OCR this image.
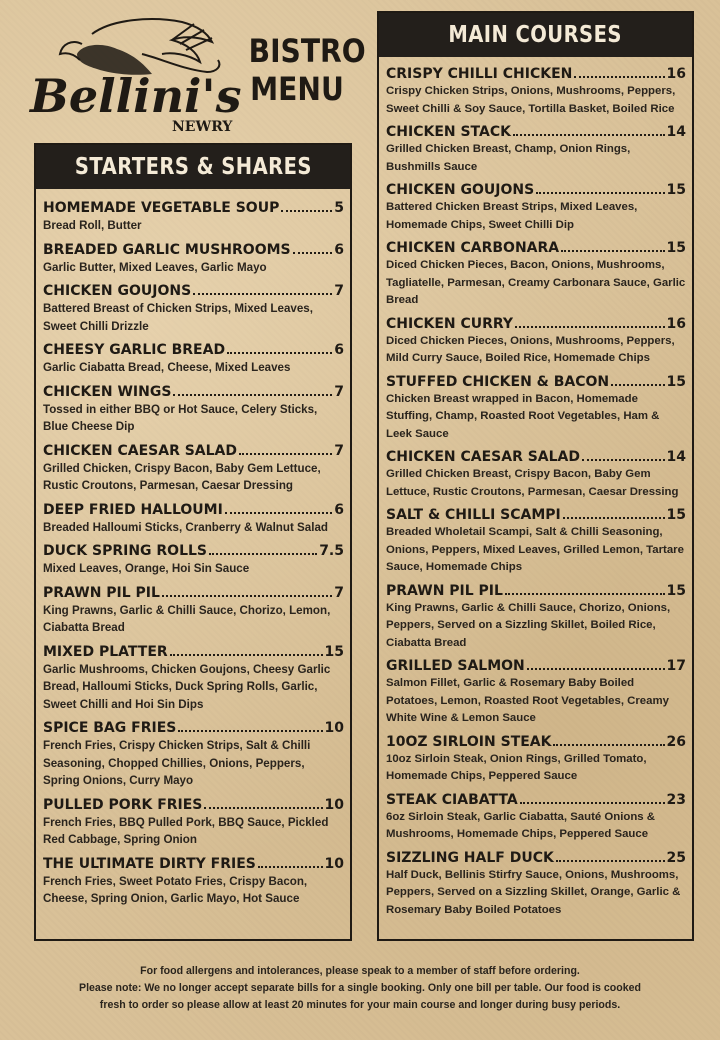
Bellini's
NEWRY
BISTRO
MENU
STARTERS & SHARES
HOMEMADE VEGETABLE SOUP	5
Bread Roll, Butter
BREADED GARLIC MUSHROOMS	6
Garlic Butter, Mixed Leaves, Garlic Mayo
CHICKEN GOUJONS	7
Battered Breast of Chicken Strips, Mixed Leaves, Sweet Chilli Drizzle
CHEESY GARLIC BREAD	6
Garlic Ciabatta Bread, Cheese, Mixed Leaves
CHICKEN WINGS	7
Tossed in either BBQ or Hot Sauce, Celery Sticks, Blue Cheese Dip
CHICKEN CAESAR SALAD	7
Grilled Chicken, Crispy Bacon, Baby Gem Lettuce, Rustic Croutons, Parmesan, Caesar Dressing
DEEP FRIED HALLOUMI	6
Breaded Halloumi Sticks, Cranberry & Walnut Salad
DUCK SPRING ROLLS	7.5
Mixed Leaves, Orange, Hoi Sin Sauce
PRAWN PIL PIL	7
King Prawns, Garlic & Chilli Sauce, Chorizo, Lemon, Ciabatta Bread
MIXED PLATTER	15
Garlic Mushrooms, Chicken Goujons, Cheesy Garlic Bread, Halloumi Sticks, Duck Spring Rolls, Garlic, Sweet Chilli and Hoi Sin Dips
SPICE BAG FRIES	10
French Fries, Crispy Chicken Strips, Salt & Chilli Seasoning, Chopped Chillies, Onions, Peppers, Spring Onions, Curry Mayo
PULLED PORK FRIES	10
French Fries, BBQ Pulled Pork, BBQ Sauce, Pickled Red Cabbage, Spring Onion
THE ULTIMATE DIRTY FRIES	10
French Fries, Sweet Potato Fries, Crispy Bacon, Cheese, Spring Onion, Garlic Mayo, Hot Sauce
MAIN COURSES
CRISPY CHILLI CHICKEN	16
Crispy Chicken Strips, Onions, Mushrooms, Peppers, Sweet Chilli & Soy Sauce, Tortilla Basket, Boiled Rice
CHICKEN STACK	14
Grilled Chicken Breast, Champ, Onion Rings, Bushmills Sauce
CHICKEN GOUJONS	15
Battered Chicken Breast Strips, Mixed Leaves, Homemade Chips, Sweet Chilli Dip
CHICKEN CARBONARA	15
Diced Chicken Pieces, Bacon, Onions, Mushrooms, Tagliatelle, Parmesan, Creamy Carbonara Sauce, Garlic Bread
CHICKEN CURRY	16
Diced Chicken Pieces, Onions, Mushrooms, Peppers, Mild Curry Sauce, Boiled Rice, Homemade Chips
STUFFED CHICKEN & BACON	15
Chicken Breast wrapped in Bacon, Homemade Stuffing, Champ, Roasted Root Vegetables, Ham & Leek Sauce
CHICKEN CAESAR SALAD	14
Grilled Chicken Breast, Crispy Bacon, Baby Gem Lettuce, Rustic Croutons, Parmesan, Caesar Dressing
SALT & CHILLI SCAMPI	15
Breaded Wholetail Scampi, Salt & Chilli Seasoning, Onions, Peppers, Mixed Leaves, Grilled Lemon, Tartare Sauce, Homemade Chips
PRAWN PIL PIL	15
King Prawns, Garlic & Chilli Sauce, Chorizo, Onions, Peppers, Served on a Sizzling Skillet, Boiled Rice, Ciabatta Bread
GRILLED SALMON	17
Salmon Fillet, Garlic & Rosemary Baby Boiled Potatoes, Lemon, Roasted Root Vegetables, Creamy White Wine & Lemon Sauce
10OZ SIRLOIN STEAK	26
10oz Sirloin Steak, Onion Rings, Grilled Tomato, Homemade Chips, Peppered Sauce
STEAK CIABATTA	23
6oz Sirloin Steak, Garlic Ciabatta, Sauté Onions & Mushrooms, Homemade Chips, Peppered Sauce
SIZZLING HALF DUCK	25
Half Duck, Bellinis Stirfry Sauce, Onions, Mushrooms, Peppers, Served on a Sizzling Skillet, Orange, Garlic & Rosemary Baby Boiled Potatoes
For food allergens and intolerances, please speak to a member of staff before ordering.
Please note: We no longer accept separate bills for a single booking. Only one bill per table. Our food is cooked
fresh to order so please allow at least 20 minutes for your main course and longer during busy periods.
